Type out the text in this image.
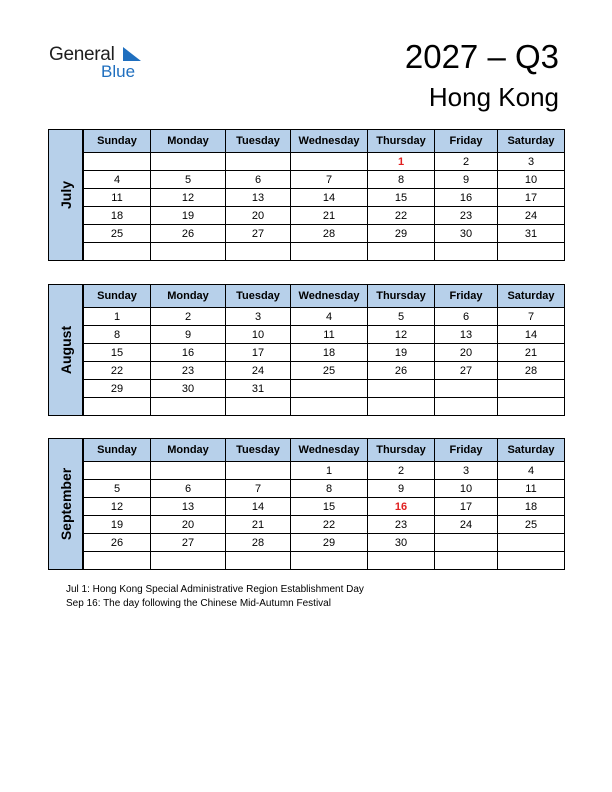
General
Blue	2027 – Q3
Hong Kong
July
Sunday	Monday	Tuesday	Wednesday	Thursday	Friday	Saturday
				1	2	3
4	5	6	7	8	9	10
11	12	13	14	15	16	17
18	19	20	21	22	23	24
25	26	27	28	29	30	31

August
Sunday	Monday	Tuesday	Wednesday	Thursday	Friday	Saturday
1	2	3	4	5	6	7
8	9	10	11	12	13	14
15	16	17	18	19	20	21
22	23	24	25	26	27	28
29	30	31				

September
Sunday	Monday	Tuesday	Wednesday	Thursday	Friday	Saturday
			1	2	3	4
5	6	7	8	9	10	11
12	13	14	15	16	17	18
19	20	21	22	23	24	25
26	27	28	29	30		

Jul 1: Hong Kong Special Administrative Region Establishment Day
Sep 16: The day following the Chinese Mid-Autumn Festival
